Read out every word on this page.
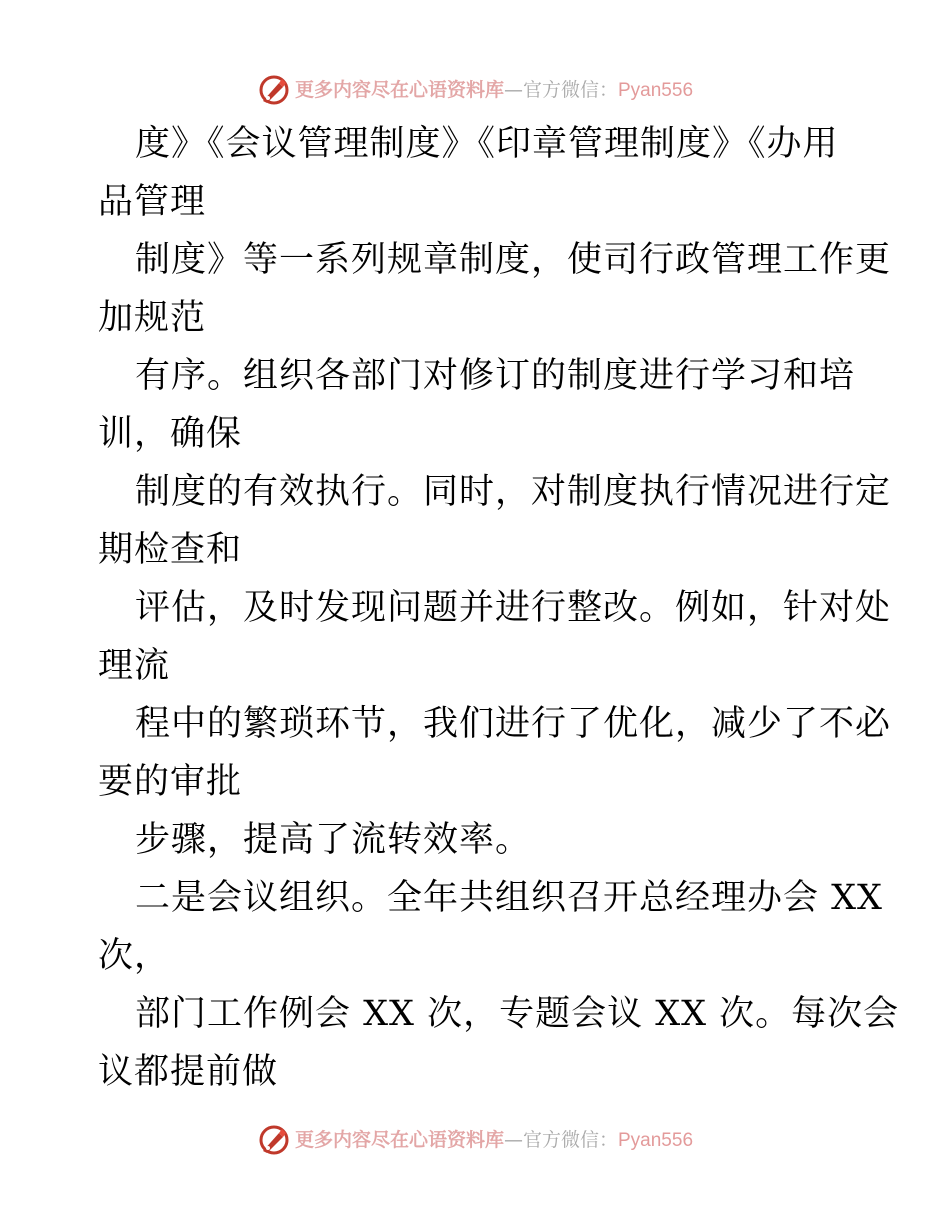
更多内容尽在心语资料库—官方微信：Pyan556
度》《会议管理制度》《印章管理制度》《办用
品管理
制度》等一系列规章制度，使司行政管理工作更
加规范
有序。组织各部门对修订的制度进行学习和培
训，确保
制度的有效执行。同时，对制度执行情况进行定
期检查和
评估，及时发现问题并进行整改。例如，针对处
理流
程中的繁琐环节，我们进行了优化，减少了不必
要的审批
步骤，提高了流转效率。
二是会议组织。全年共组织召开总经理办会 XX
次，
部门工作例会 XX 次，专题会议 XX 次。每次会
议都提前做
更多内容尽在心语资料库—官方微信：Pyan556
